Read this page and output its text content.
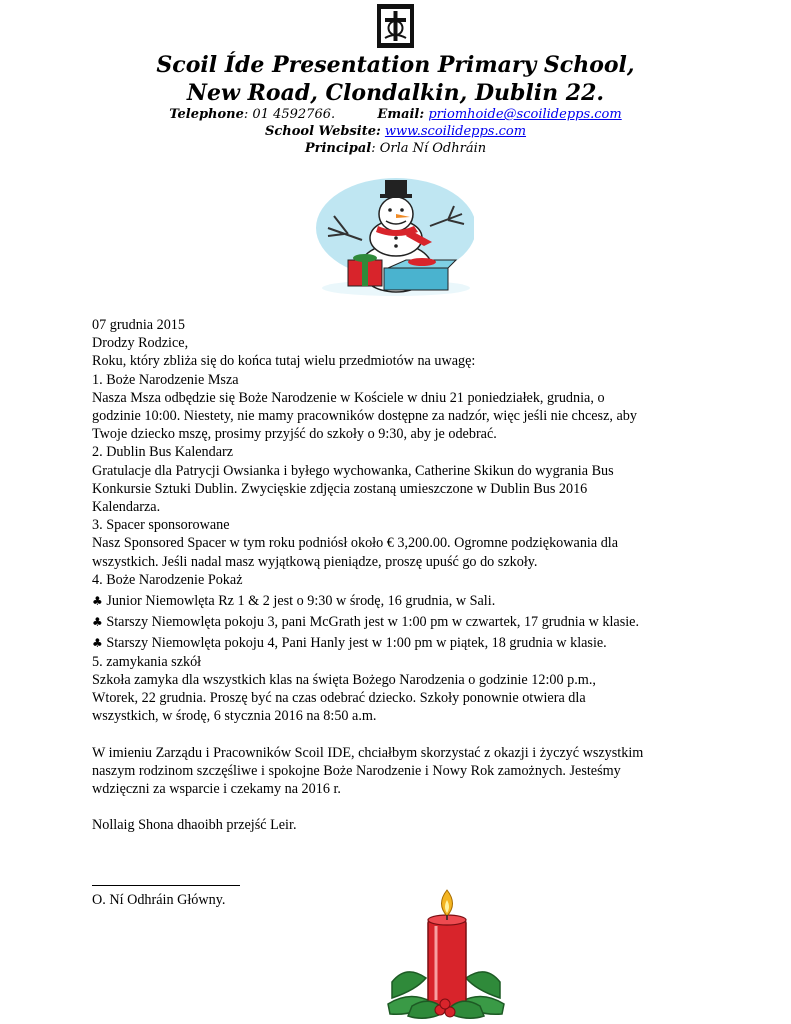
Scoil Íde Presentation Primary School,
New Road, Clondalkin, Dublin 22.
Telephone: 01 4592766.	Email: priomhoide@scoilidepps.com
School Website: www.scoilidepps.com
Principal: Orla Ní Odhráin
07 grudnia 2015
Drodzy Rodzice,
Roku, który zbliża się do końca tutaj wielu przedmiotów na uwagę:
1. Boże Narodzenie Msza
Nasza Msza odbędzie się Boże Narodzenie w Kościele w dniu 21 poniedziałek, grudnia, o
godzinie 10:00. Niestety, nie mamy pracowników dostępne za nadzór, więc jeśli nie chcesz, aby
Twoje dziecko mszę, prosimy przyjść do szkoły o 9:30, aby je odebrać.
2. Dublin Bus Kalendarz
Gratulacje dla Patrycji Owsianka i byłego wychowanka, Catherine Skikun do wygrania Bus
Konkursie Sztuki Dublin. Zwycięskie zdjęcia zostaną umieszczone w Dublin Bus 2016
Kalendarza.
3. Spacer sponsorowane
Nasz Sponsored Spacer w tym roku podniósł około € 3,200.00. Ogromne podziękowania dla
wszystkich. Jeśli nadal masz wyjątkową pieniądze, proszę upuść go do szkoły.
4. Boże Narodzenie Pokaż
♣ Junior Niemowlęta Rz 1 & 2 jest o 9:30 w środę, 16 grudnia, w Sali.
♣ Starszy Niemowlęta pokoju 3, pani McGrath jest w 1:00 pm w czwartek, 17 grudnia w klasie.
♣ Starszy Niemowlęta pokoju 4, Pani Hanly jest w 1:00 pm w piątek, 18 grudnia w klasie.
5. zamykania szkół
Szkoła zamyka dla wszystkich klas na święta Bożego Narodzenia o godzinie 12:00 p.m.,
Wtorek, 22 grudnia. Proszę być na czas odebrać dziecko. Szkoły ponownie otwiera dla
wszystkich, w środę, 6 stycznia 2016 na 8:50 a.m.
W imieniu Zarządu i Pracowników Scoil IDE, chciałbym skorzystać z okazji i życzyć wszystkim
naszym rodzinom szczęśliwe i spokojne Boże Narodzenie i Nowy Rok zamożnych. Jesteśmy
wdzięczni za wsparcie i czekamy na 2016 r.
Nollaig Shona dhaoibh przejść Leir.
O. Ní Odhráin Główny.
